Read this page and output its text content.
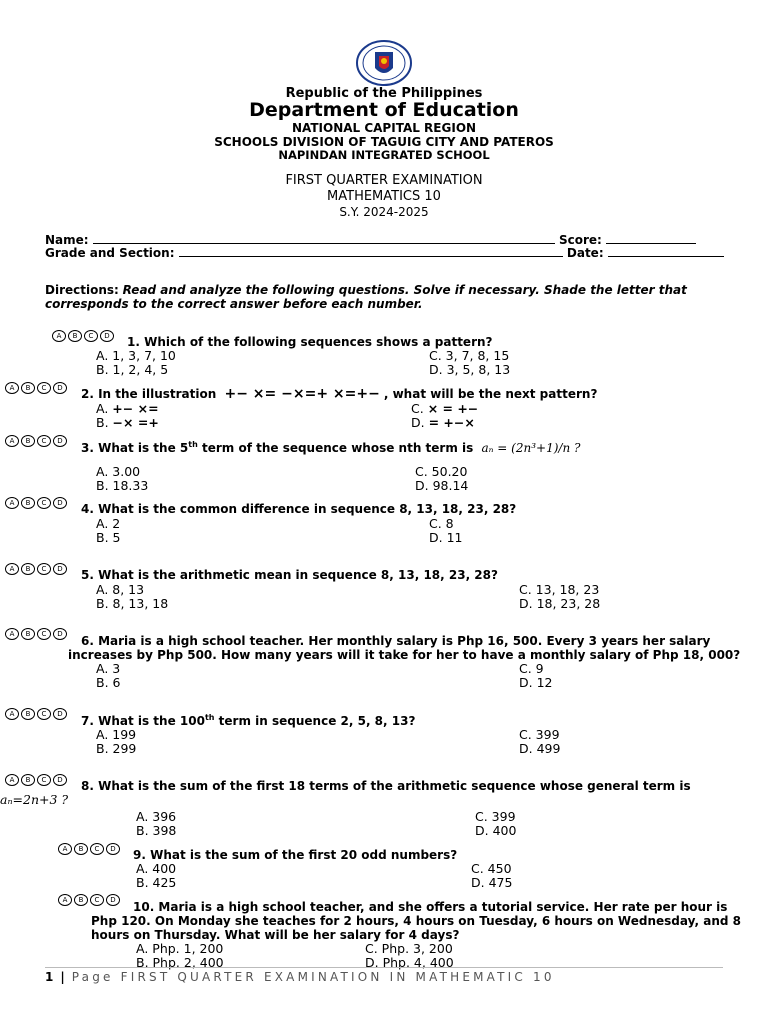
Republic of the Philippines
Department of Education
NATIONAL CAPITAL REGION
SCHOOLS DIVISION OF TAGUIG CITY AND PATEROS
NAPINDAN INTEGRATED SCHOOL
FIRST QUARTER EXAMINATION
MATHEMATICS 10
S.Y. 2024-2025
Name:	Score:
Grade and Section:	Date:
Directions: Read and analyze the following questions. Solve if necessary. Shade the letter that
corresponds to the correct answer before each number.
A	B	C	D	1. Which of the following sequences shows a pattern?
A. 1, 3, 7, 10
B. 1, 2, 4, 5
C. 3, 7, 8, 15
D. 3, 5, 8, 13
A	B	C	D	2. In the illustration +− ×= −×=+ ×=+− , what will be the next pattern?
A. +− ×=
B. −× =+
C. × = +−
D. = +−×
A	B	C	D	3. What is the 5th term of the sequence whose nth term is aₙ = (2n³+1)/n ?
A. 3.00
B. 18.33
C. 50.20
D. 98.14
A	B	C	D	4. What is the common difference in sequence 8, 13, 18, 23, 28?
A. 2
B. 5
C. 8
D. 11
A	B	C	D	5. What is the arithmetic mean in sequence 8, 13, 18, 23, 28?
A. 8, 13
B. 8, 13, 18
C. 13, 18, 23
D. 18, 23, 28
A	B	C	D	6. Maria is a high school teacher. Her monthly salary is Php 16, 500. Every 3 years her salary
increases by Php 500. How many years will it take for her to have a monthly salary of Php 18, 000?
A. 3
B. 6
C. 9
D. 12
A	B	C	D	7. What is the 100th term in sequence 2, 5, 8, 13?
A. 199
B. 299
C. 399
D. 499
A	B	C	D	8. What is the sum of the first 18 terms of the arithmetic sequence whose general term is
aₙ=2n+3 ?
A. 396
B. 398
C. 399
D. 400
A	B	C	D	9. What is the sum of the first 20 odd numbers?
A. 400
B. 425
C. 450
D. 475
A	B	C	D	10. Maria is a high school teacher, and she offers a tutorial service. Her rate per hour is
Php 120. On Monday she teaches for 2 hours, 4 hours on Tuesday, 6 hours on Wednesday, and 8
hours on Thursday. What will be her salary for 4 days?
A. Php. 1, 200
B. Php. 2, 400
C. Php. 3, 200
D. Php. 4, 400
1 | Page FIRST QUARTER EXAMINATION IN MATHEMATIC 10
